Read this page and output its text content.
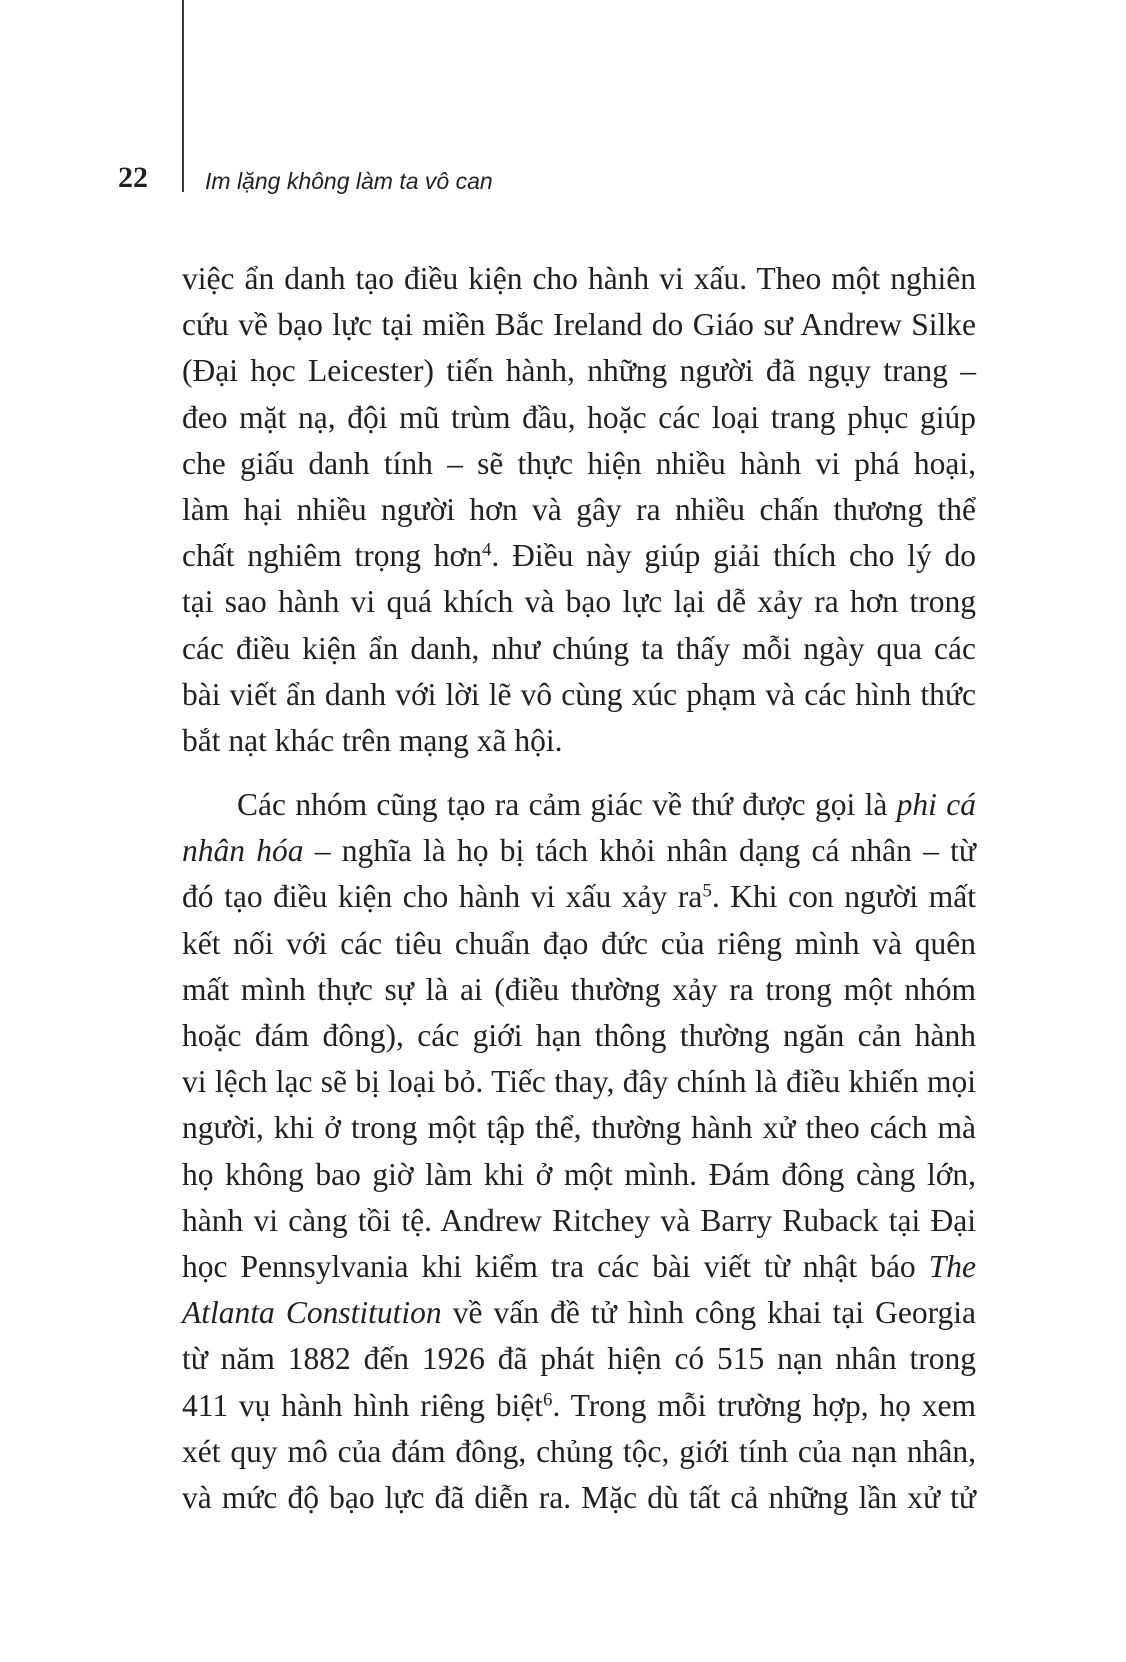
22 Im lặng không làm ta vô can
việc ẩn danh tạo điều kiện cho hành vi xấu. Theo một nghiên
cứu về bạo lực tại miền Bắc Ireland do Giáo sư Andrew Silke
(Đại học Leicester) tiến hành, những người đã ngụy trang –
đeo mặt nạ, đội mũ trùm đầu, hoặc các loại trang phục giúp
che giấu danh tính – sẽ thực hiện nhiều hành vi phá hoại,
làm hại nhiều người hơn và gây ra nhiều chấn thương thể
chất nghiêm trọng hơn$^4$. Điều này giúp giải thích cho lý do
tại sao hành vi quá khích và bạo lực lại dễ xảy ra hơn trong
các điều kiện ẩn danh, như chúng ta thấy mỗi ngày qua các
bài viết ẩn danh với lời lẽ vô cùng xúc phạm và các hình thức
bắt nạt khác trên mạng xã hội.
Các nhóm cũng tạo ra cảm giác về thứ được gọi là phi cá
nhân hóa – nghĩa là họ bị tách khỏi nhân dạng cá nhân – từ
đó tạo điều kiện cho hành vi xấu xảy ra$^5$. Khi con người mất
kết nối với các tiêu chuẩn đạo đức của riêng mình và quên
mất mình thực sự là ai (điều thường xảy ra trong một nhóm
hoặc đám đông), các giới hạn thông thường ngăn cản hành
vi lệch lạc sẽ bị loại bỏ. Tiếc thay, đây chính là điều khiến mọi
người, khi ở trong một tập thể, thường hành xử theo cách mà
họ không bao giờ làm khi ở một mình. Đám đông càng lớn,
hành vi càng tồi tệ. Andrew Ritchey và Barry Ruback tại Đại
học Pennsylvania khi kiểm tra các bài viết từ nhật báo The
Atlanta Constitution về vấn đề tử hình công khai tại Georgia
từ năm 1882 đến 1926 đã phát hiện có 515 nạn nhân trong
411 vụ hành hình riêng biệt$^6$. Trong mỗi trường hợp, họ xem
xét quy mô của đám đông, chủng tộc, giới tính của nạn nhân,
và mức độ bạo lực đã diễn ra. Mặc dù tất cả những lần xử tử
